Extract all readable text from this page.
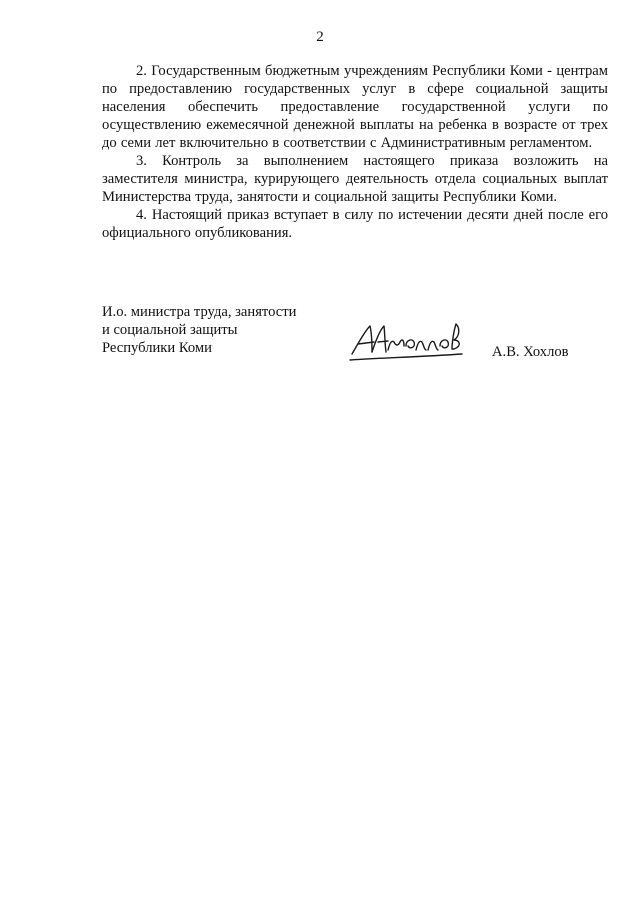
2

2. Государственным бюджетным учреждениям Республики Коми - центрам по предоставлению государственных услуг в сфере социальной защиты населения обеспечить предоставление государственной услуги по осуществлению ежемесячной денежной выплаты на ребенка в возрасте от трех до семи лет включительно в соответствии с Административным регламентом.

3. Контроль за выполнением настоящего приказа возложить на заместителя министра, курирующего деятельность отдела социальных выплат Министерства труда, занятости и социальной защиты Республики Коми.

4. Настоящий приказ вступает в силу по истечении десяти дней после его официального опубликования.

И.о. министра труда, занятости
и социальной защиты
Республики Коми	А.В. Хохлов
